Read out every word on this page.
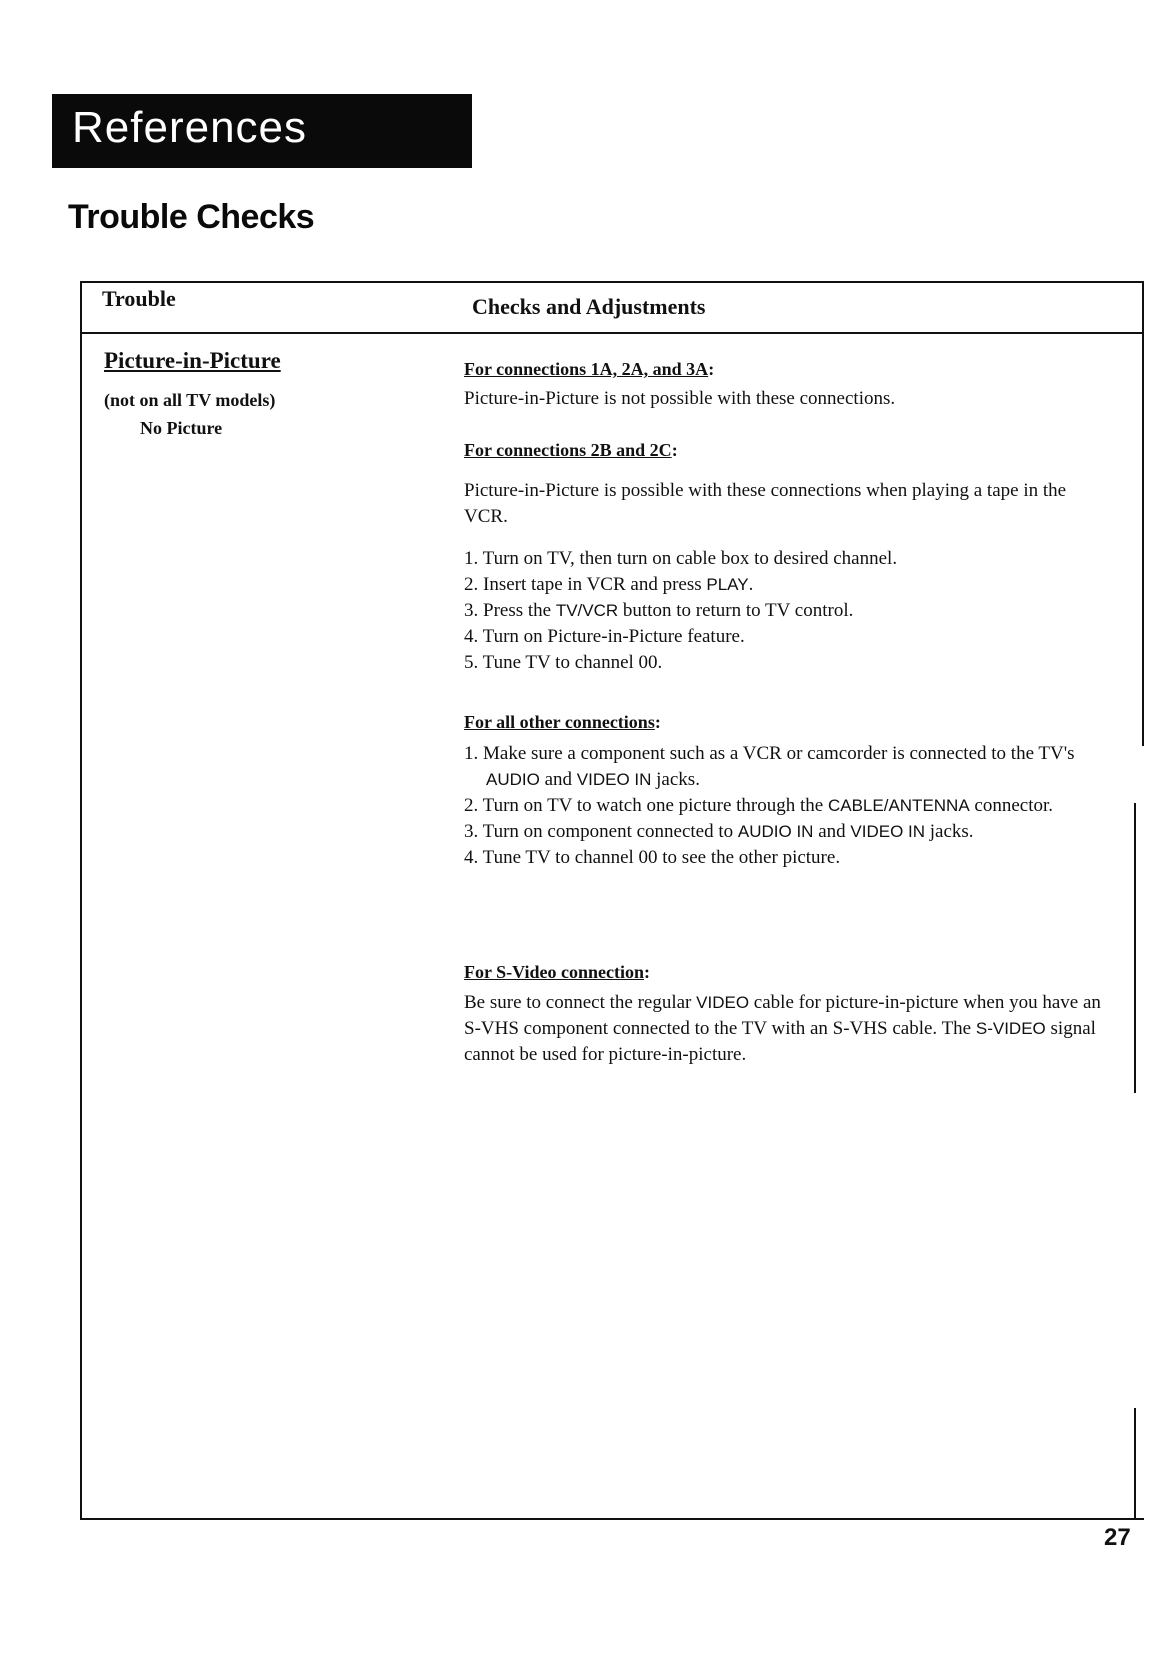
References
Trouble Checks
Trouble	Checks and Adjustments
Picture-in-Picture
(not on all TV models)
No Picture
For connections 1A, 2A, and 3A:

Picture-in-Picture is not possible with these connections.

For connections 2B and 2C:

Picture-in-Picture is possible with these connections when playing a tape in the VCR.

1. Turn on TV, then turn on cable box to desired channel.
2. Insert tape in VCR and press PLAY.
3. Press the TV/VCR button to return to TV control.
4. Turn on Picture-in-Picture feature.
5. Tune TV to channel 00.
For all other connections:
1. Make sure a component such as a VCR or camcorder is connected to the TV's AUDIO and VIDEO IN jacks.
2. Turn on TV to watch one picture through the CABLE/ANTENNA connector.
3. Turn on component connected to AUDIO IN and VIDEO IN jacks.
4. Tune TV to channel 00 to see the other picture.
For S-Video connection:

Be sure to connect the regular VIDEO cable for picture-in-picture when you have an S-VHS component connected to the TV with an S-VHS cable. The S-VIDEO signal cannot be used for picture-in-picture.

27
